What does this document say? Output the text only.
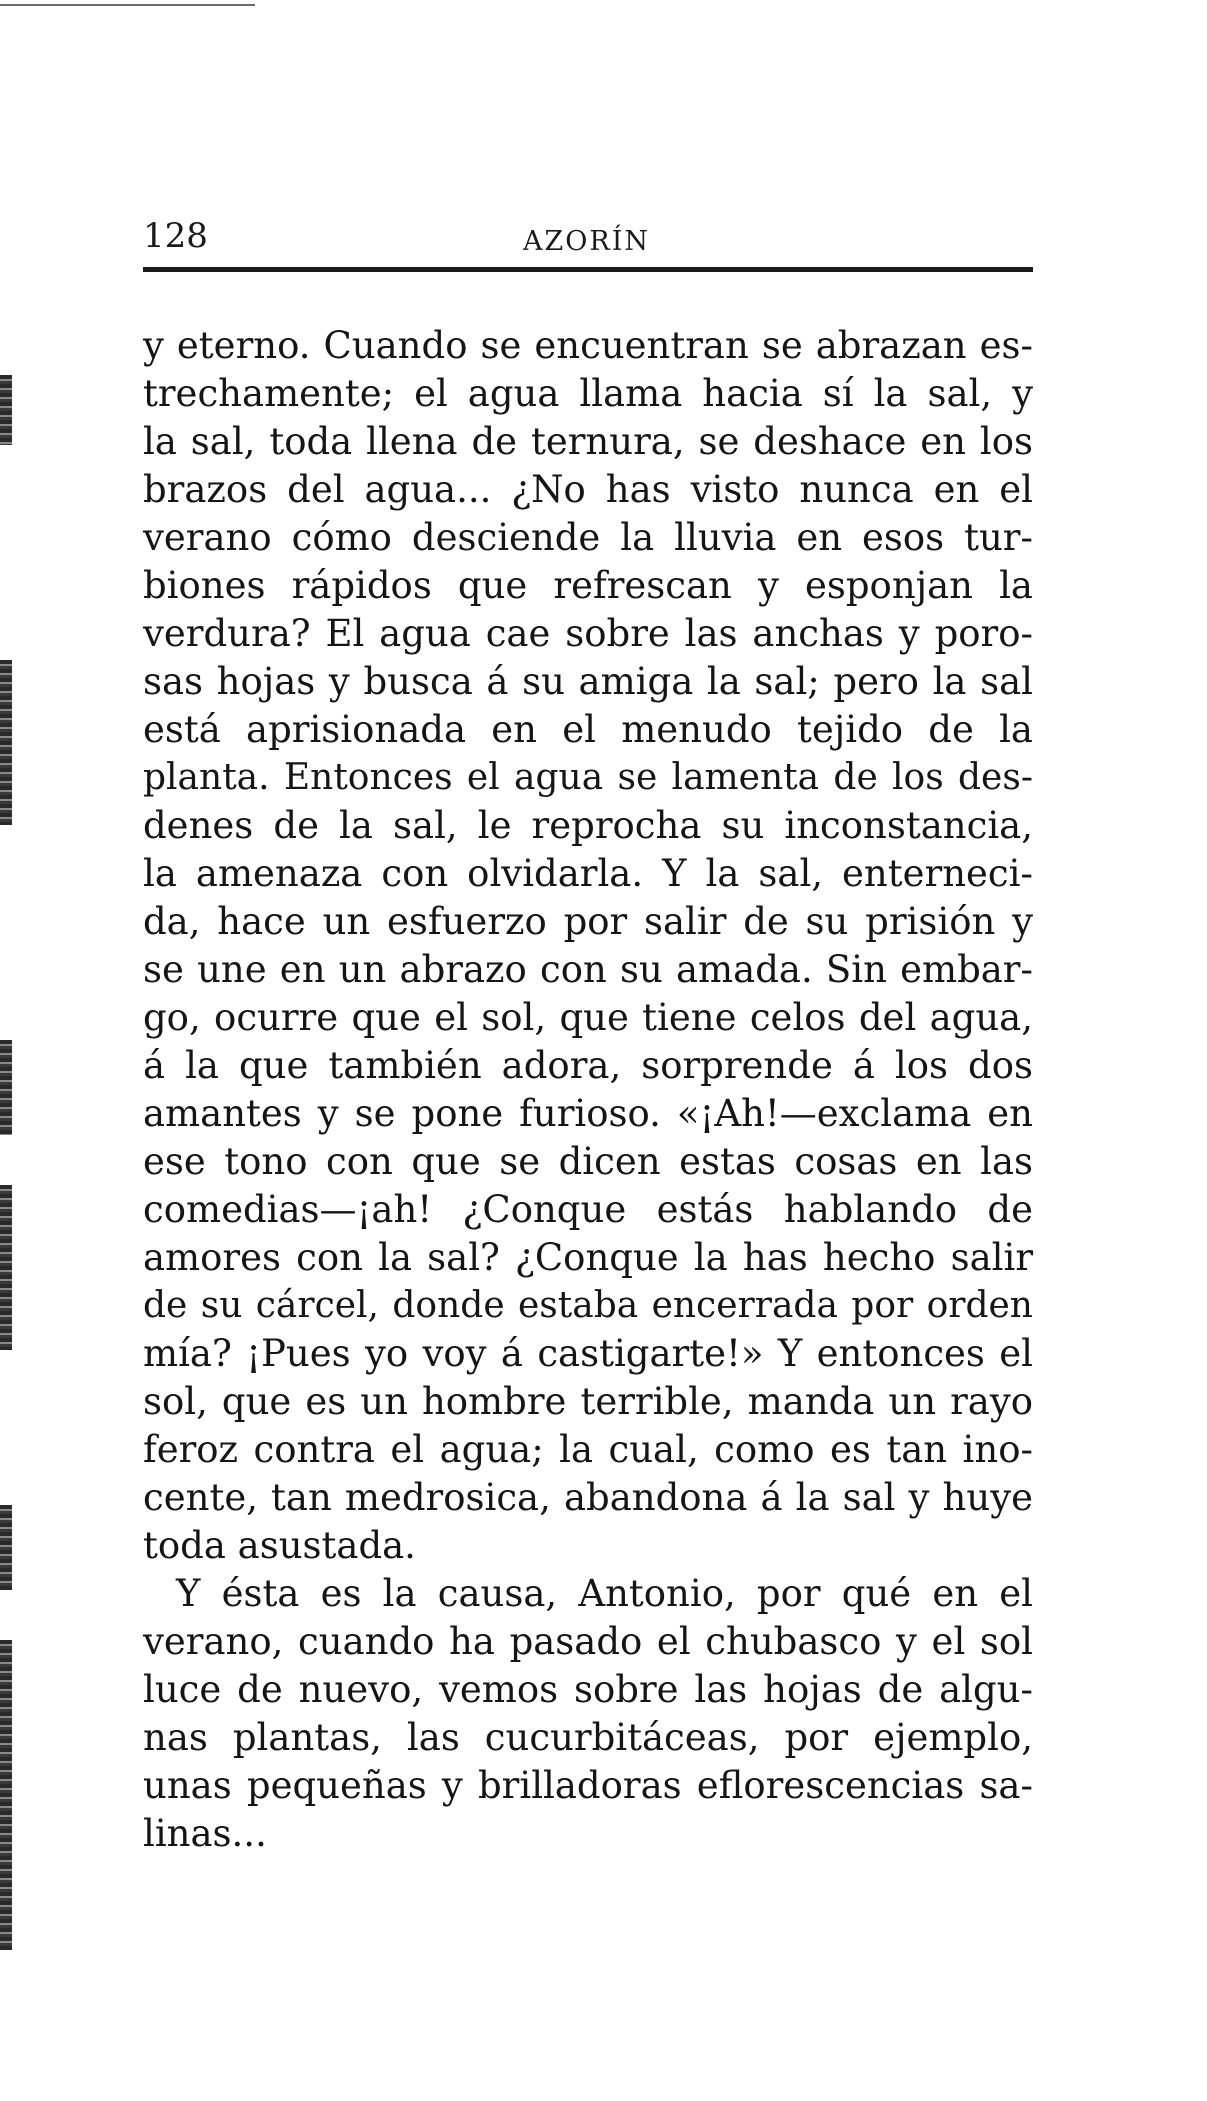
128	AZORÍN
y eterno. Cuando se encuentran se abrazan es-
trechamente; el agua llama hacia sí la sal, y
la sal, toda llena de ternura, se deshace en los
brazos del agua... ¿No has visto nunca en el
verano cómo desciende la lluvia en esos tur-
biones rápidos que refrescan y esponjan la
verdura? El agua cae sobre las anchas y poro-
sas hojas y busca á su amiga la sal; pero la sal
está aprisionada en el menudo tejido de la
planta. Entonces el agua se lamenta de los des-
denes de la sal, le reprocha su inconstancia,
la amenaza con olvidarla. Y la sal, enterneci-
da, hace un esfuerzo por salir de su prisión y
se une en un abrazo con su amada. Sin embar-
go, ocurre que el sol, que tiene celos del agua,
á la que también adora, sorprende á los dos
amantes y se pone furioso. «¡Ah!—exclama en
ese tono con que se dicen estas cosas en las
comedias—¡ah! ¿Conque estás hablando de
amores con la sal? ¿Conque la has hecho salir
de su cárcel, donde estaba encerrada por orden
mía? ¡Pues yo voy á castigarte!» Y entonces el
sol, que es un hombre terrible, manda un rayo
feroz contra el agua; la cual, como es tan ino-
cente, tan medrosica, abandona á la sal y huye
toda asustada.
Y ésta es la causa, Antonio, por qué en el
verano, cuando ha pasado el chubasco y el sol
luce de nuevo, vemos sobre las hojas de algu-
nas plantas, las cucurbitáceas, por ejemplo,
unas pequeñas y brilladoras eflorescencias sa-
linas...
